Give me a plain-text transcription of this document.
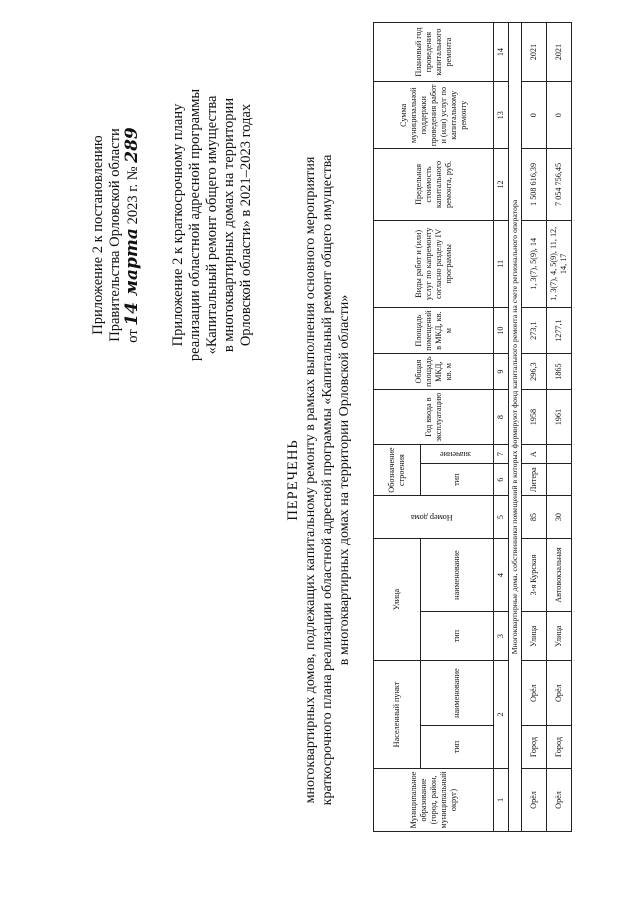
Приложение 2 к постановлению Правительства Орловской области от 14 марта 2023 г. № 289 Приложение 2 к краткосрочному плану реализации областной адресной программы «Капитальный ремонт общего имущества в многоквартирных домах на территории Орловской области» в 2021–2023 годах
ПЕРЕЧЕНЬ многоквартирных домов, подлежащих капитальному ремонту в рамках выполнения основного мероприятия краткосрочного плана реализации областной адресной программы «Капитальный ремонт общего имущества в многоквартирных домах на территории Орловской области»
Муниципальное образование (город, район, муниципальный округ)	Населенный пункт		Улица		Номер дома	Обозначение строения		Год ввода в эксплуатацию	Общая площадь МКД, кв. м	Площадь помещений в МКД, кв. м	Виды работ и (или) услуг по капремонту согласно разделу IV программы	Предельная стоимость капитального ремонта, руб.	Сумма муниципальной поддержки проведения работ и (или) услуг по капитальному ремонту	Плановый год проведения капитального ремонта
	тип	наименование	тип	наименование		тип	значение							
1	2		3	4	5	6	7	8	9	10	11	12	13	14
Многоквартирные дома, собственники помещений в которых формируют фонд капитального ремонта на счете регионального оператора														
Орёл	Город	Орёл	Улица	3-я Курская	85	Литера	А	1958	296,3	273,1	1, 3(7), 5(9), 14	1 508 616,39	0	2021
Орёл	Город	Орёл	Улица	Автовокзальная	30			1961	1865	1277,1	1, 3(7), 4, 5(9), 11, 12, 14, 17	7 054 756,45	0	2021
